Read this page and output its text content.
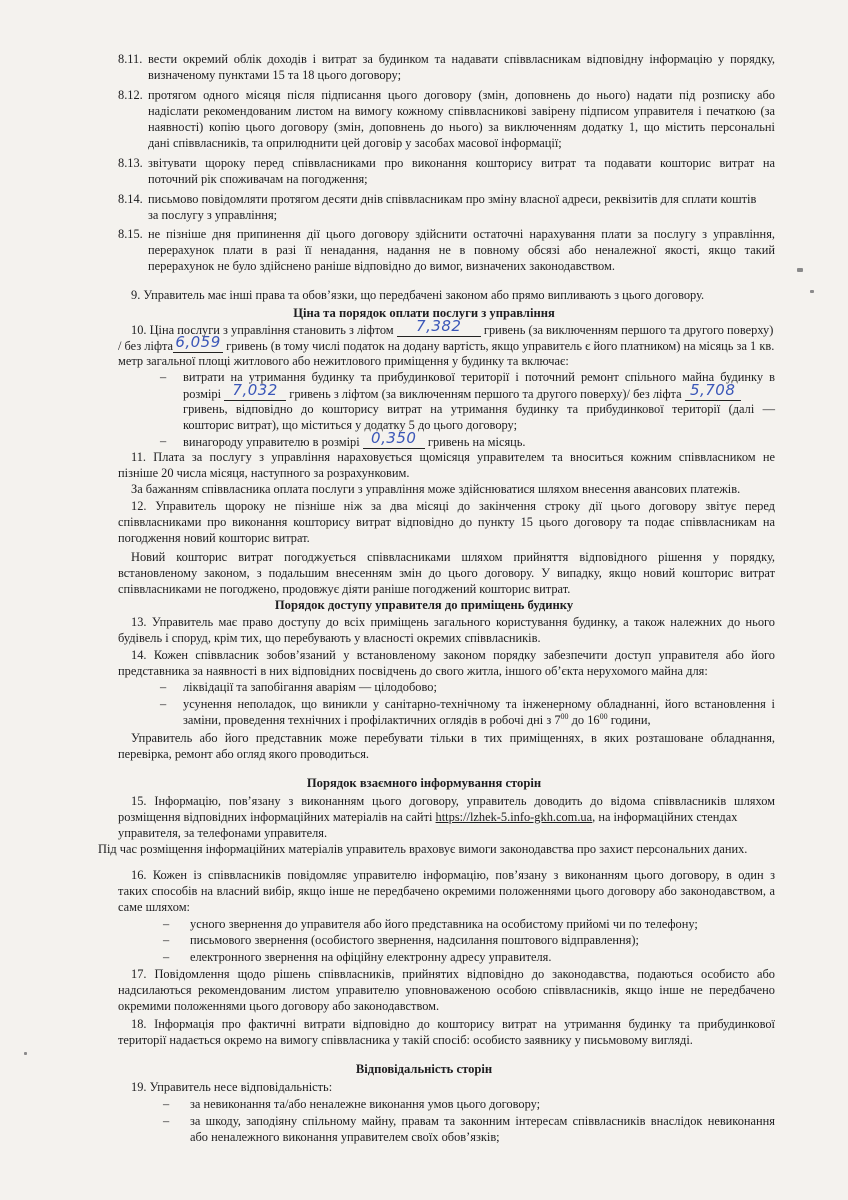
8.11. вести окремий облік доходів і витрат за будинком та надавати співвласникам відповідну інформацію у порядку,
визначеному пунктами 15 та 18 цього договору;
8.12. протягом одного місяця після підписання цього договору (змін, доповнень до нього) надати під розписку або
надіслати рекомендованим листом на вимогу кожному співвласникові завірену підписом управителя і печаткою (за
наявності) копію цього договору (змін, доповнень до нього) за виключенням додатку 1, що містить персональні
дані співвласників, та оприлюднити цей договір у засобах масової інформації;
8.13. звітувати щороку перед співвласниками про виконання кошторису витрат та подавати кошторис витрат на
поточний рік споживачам на погодження;
8.14. письмово повідомляти протягом десяти днів співвласникам про зміну власної адреси, реквізитів для сплати коштів
за послугу з управління;
8.15. не пізніше дня припинення дії цього договору здійснити остаточні нарахування плати за послугу з управління,
перерахунок плати в разі її ненадання, надання не в повному обсязі або неналежної якості, якщо такий
перерахунок не було здійснено раніше відповідно до вимог, визначених законодавством.
9. Управитель має інші права та обов’язки, що передбачені законом або прямо випливають з цього договору.
Ціна та порядок оплати послуги з управління
10. Ціна послуги з управління становить з ліфтом 7,382 гривень (за виключенням першого та другого поверху)
/ без ліфта 6,059 гривень (в тому числі податок на додану вартість, якщо управитель є його платником) на місяць за 1 кв.
метр загальної площі житлового або нежитлового приміщення у будинку та включає:
– витрати на утримання будинку та прибудинкової території і поточний ремонт спільного майна будинку в
розмірі 7,032 гривень з ліфтом (за виключенням першого та другого поверху)/ без ліфта 5,708
гривень, відповідно до кошторису витрат на утримання будинку та прибудинкової території (далі —
кошторис витрат), що міститься у додатку 5 до цього договору;
– винагороду управителю в розмірі 0,350 гривень на місяць.
11. Плата за послугу з управління нараховується щомісяця управителем та вноситься кожним співвласником не
пізніше 20 числа місяця, наступного за розрахунковим.
За бажанням співвласника оплата послуги з управління може здійснюватися шляхом внесення авансових платежів.
12. Управитель щороку не пізніше ніж за два місяці до закінчення строку дії цього договору звітує перед
співвласниками про виконання кошторису витрат відповідно до пункту 15 цього договору та подає співвласникам на
погодження новий кошторис витрат.
Новий кошторис витрат погоджується співвласниками шляхом прийняття відповідного рішення у порядку,
встановленому законом, з подальшим внесенням змін до цього договору. У випадку, якщо новий кошторис витрат
співвласниками не погоджено, продовжує діяти раніше погоджений кошторис витрат.
Порядок доступу управителя до приміщень будинку
13. Управитель має право доступу до всіх приміщень загального користування будинку, а також належних до нього
будівель і споруд, крім тих, що перебувають у власності окремих співвласників.
14. Кожен співвласник зобов’язаний у встановленому законом порядку забезпечити доступ управителя або його
представника за наявності в них відповідних посвідчень до свого житла, іншого об’єкта нерухомого майна для:
– ліквідації та запобігання аваріям — цілодобово;
– усунення неполадок, що виникли у санітарно-технічному та інженерному обладнанні, його встановлення і
заміни, проведення технічних і профілактичних оглядів в робочі дні з $7^{00}$ до $16^{00}$ години,
Управитель або його представник може перебувати тільки в тих приміщеннях, в яких розташоване обладнання,
перевірка, ремонт або огляд якого проводиться.
Порядок взаємного інформування сторін
15. Інформацію, пов’язану з виконанням цього договору, управитель доводить до відома співвласників шляхом
розміщення відповідних інформаційних матеріалів на сайті https://lzhek-5.info-gkh.com.ua, на інформаційних стендах
управителя, за телефонами управителя.
Під час розміщення інформаційних матеріалів управитель враховує вимоги законодавства про захист персональних даних.
16. Кожен із співвласників повідомляє управителю інформацію, пов’язану з виконанням цього договору, в один з
таких способів на власний вибір, якщо інше не передбачено окремими положеннями цього договору або законодавством, а
саме шляхом:
– усного звернення до управителя або його представника на особистому прийомі чи по телефону;
– письмового звернення (особистого звернення, надсилання поштового відправлення);
– електронного звернення на офіційну електронну адресу управителя.
17. Повідомлення щодо рішень співвласників, прийнятих відповідно до законодавства, подаються особисто або
надсилаються рекомендованим листом управителю уповноваженою особою співвласників, якщо інше не передбачено
окремими положеннями цього договору або законодавством.
18. Інформація про фактичні витрати відповідно до кошторису витрат на утримання будинку та прибудинкової
території надається окремо на вимогу співвласника у такій спосіб: особисто заявнику у письмовому вигляді.
Відповідальність сторін
19. Управитель несе відповідальність:
– за невиконання та/або неналежне виконання умов цього договору;
– за шкоду, заподіяну спільному майну, правам та законним інтересам співвласників внаслідок невиконання
або неналежного виконання управителем своїх обов’язків;
